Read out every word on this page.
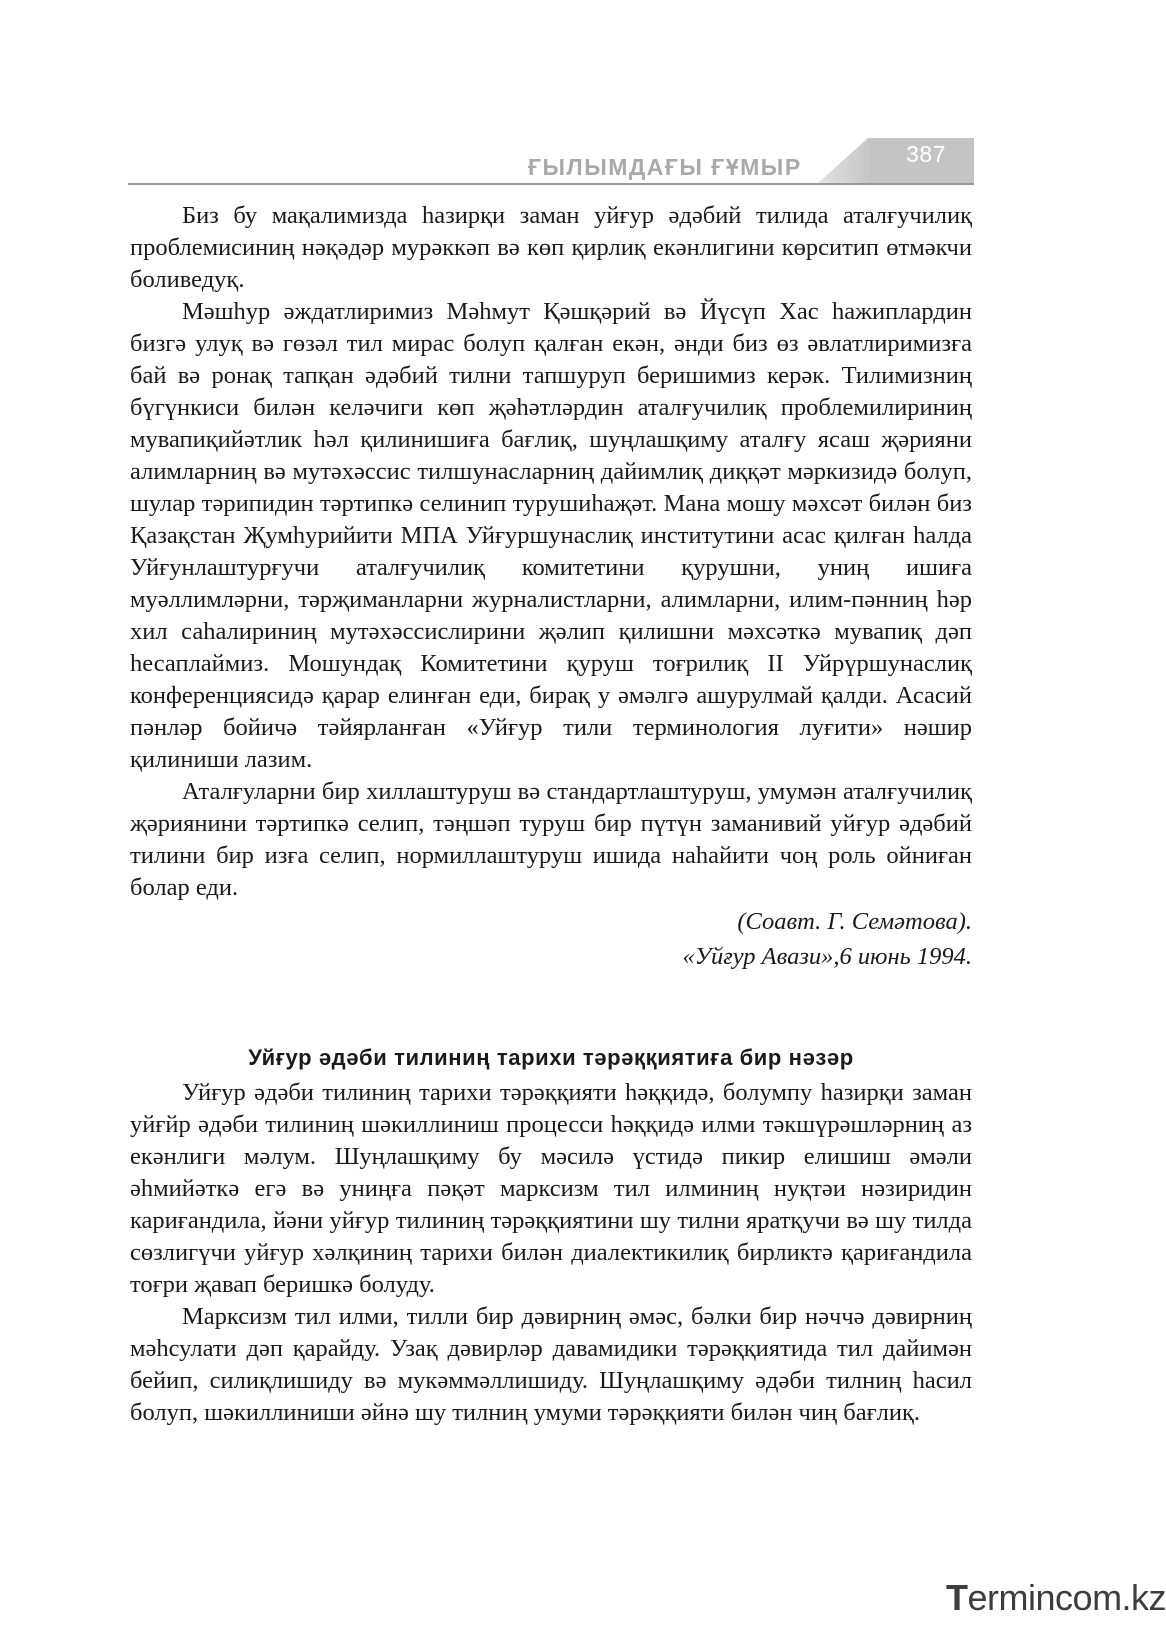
ҒЫЛЫМДАҒЫ ҒҰМЫР	387

Биз бу мақалимизда һазирқи заман уйғур әдәбий тилида атaлғучилиқ проблемисиниң нәқәдәр мурәккәп вә көп қирлиқ екәнлигини көрситип өтмәкчи боливедуқ.

Мәшһур әждатлиримиз Мәһмут Қәшқәрий вә Йүсүп Хас һажиплардин бизгә улуқ вә гөзәл тил мирас болуп қалған екән, әнди биз өз әвлатлиримизға бай вә ронақ тапқан әдәбий тилни тапшуруп беришимиз керәк. Тилимизниң бүгүнкиси билән келәчиги көп җәһәтләрдин атaлғучилиқ проблемилириниң мувапиқийәтлик һәл қилинишиға бағлиқ, шуңлашқиму аталғу ясаш җәрияни алимларниң вә мутәхәссис тилшунасларниң дайимлиқ диққәт мәркизидә болуп, шулар тәрипидин тәртипкә селинип турушиһаҗәт. Мана мошу мәхсәт билән биз Қазақстан Җумһурийити МПА Уйғуршунаслиқ институтини асас қилған һалда Уйғунлаштурғучи атaлғучилиқ комитетини қурушни, униң ишиға муәллимләрни, тәрҗиманларни журналистларни, алимларни, илим-пәнниң һәр хил саһалириниң мутәхәссислирини җәлип қилишни мәхсәткә мувапиқ дәп һесаплаймиз. Мошундақ Комитетини қуруш тоғрилиқ II Уйрүршунаслиқ конференциясидә қарар елинған еди, бирақ у әмәлгә ашурулмай қалди. Асасий пәнләр бойичә тәйярланған «Уйғур тили терминология луғити» нәшир қилиниши лазим.

Аталғуларни бир хиллаштуруш вә стандартлаштуруш, умумән атaлғучилиқ җәриянини тәртипкә селип, тәңшәп туруш бир пүтүн заманивий уйғур әдәбий тилини бир изға селип, нормиллаштуруш ишида наһайити чоң роль ойниған болар еди.

(Соавт. Г. Семәтова).

«Уйғур Авази»,6 июнь 1994.

Уйғур әдәби тилиниң тарихи тәрәққиятиға бир нәзәр

Уйғур әдәби тилиниң тарихи тәрәққияти һәққидә, болумпу һазирқи заман уйғйр әдәби тилиниң шәкиллиниш процесси һәққидә илми тәкшүрәшләрниң аз екәнлиги мәлум. Шуңлашқиму бу мәсилә үстидә пикир елишиш әмәли әһмийәткә егә вә униңға пәқәт марксизм тил илминиң нуқтәи нәзиридин кариғандила, йәни уйғур тилиниң тәрәққиятини шу тилни яратқучи вә шу тилда сөзлигүчи уйғур хәлқиниң тарихи билән диалектикилиқ бирликтә қариғандила тоғри җавап беришкә болуду.

Марксизм тил илми, тилли бир дәвирниң әмәс, бәлки бир нәччә дәвирниң мәһсулати дәп қарайду. Узақ дәвирләр давамидики тәрәққиятида тил дайимән бейип, силиқлишиду вә мукәммәллишиду. Шуңлашқиму әдәби тилниң һасил болуп, шәкиллиниши әйнә шу тилниң умуми тәрәққияти билән чиң бағлиқ.

Termincom.kz
